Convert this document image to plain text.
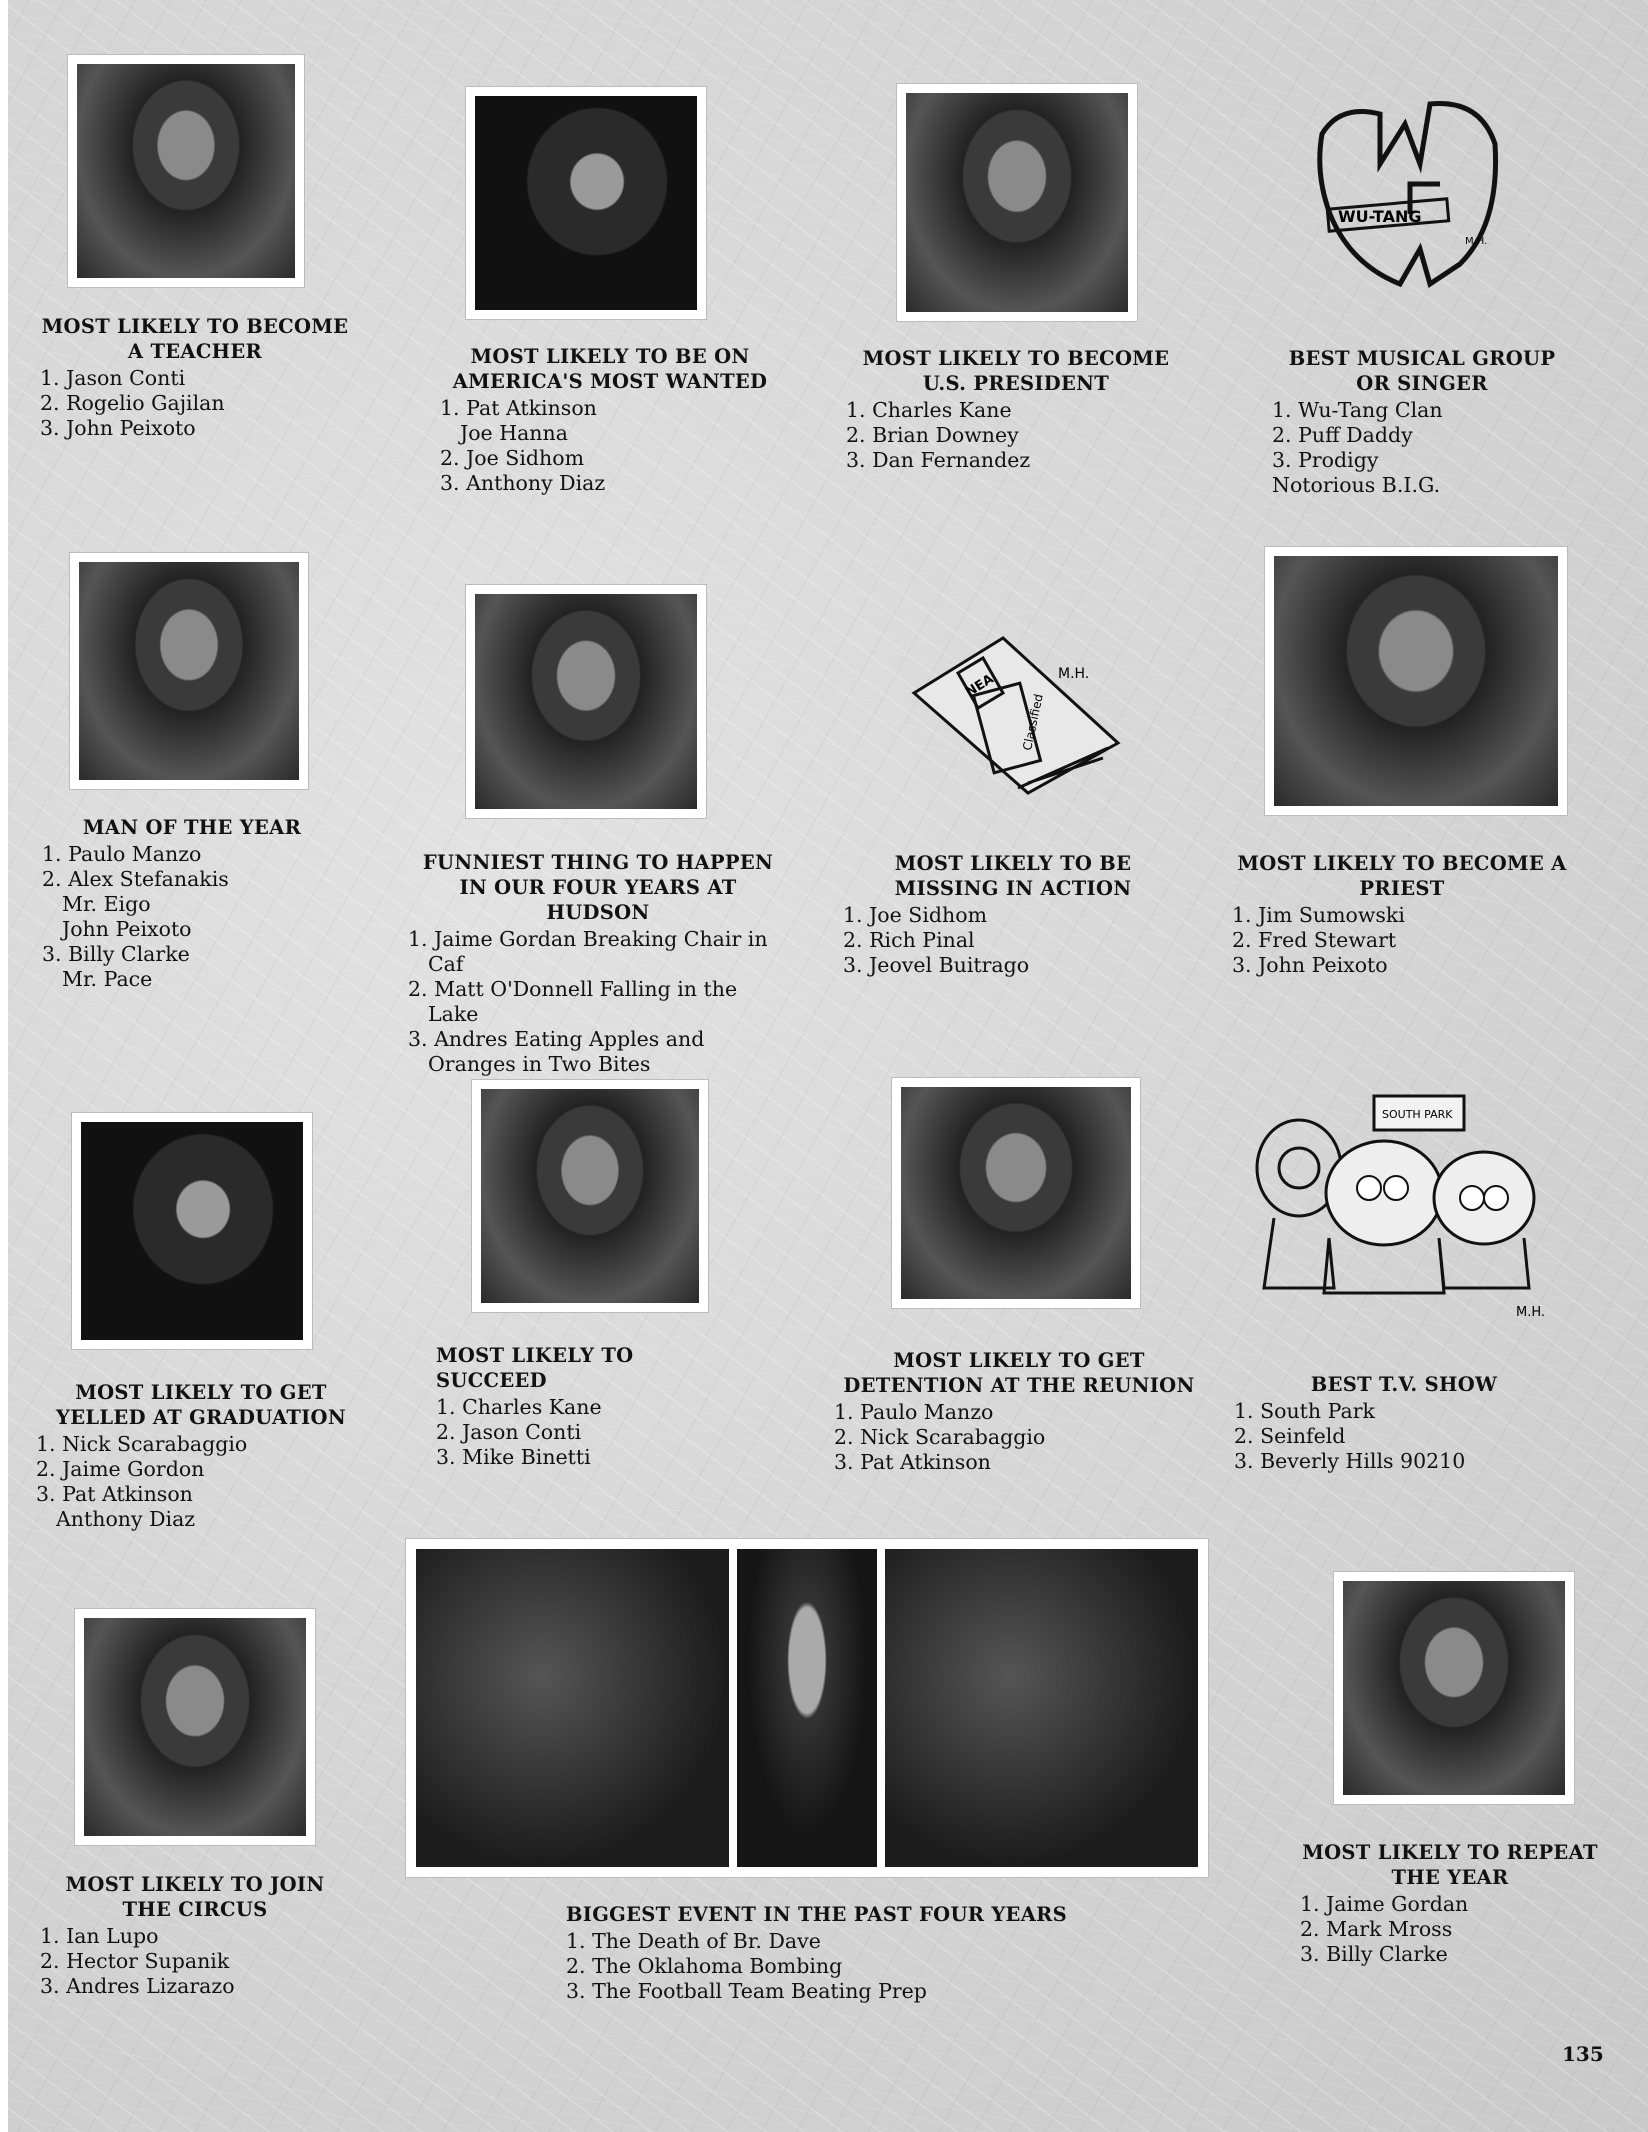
WU-TANG
M.H.
NEA
Classified
M.H.
SOUTH PARK
M.H.
MOST LIKELY TO BECOME A TEACHER
1. Jason Conti
2. Rogelio Gajilan
3. John Peixoto
MOST LIKELY TO BE ON AMERICA'S MOST WANTED
1. Pat Atkinson
Joe Hanna
2. Joe Sidhom
3. Anthony Diaz
MOST LIKELY TO BECOME U.S. PRESIDENT
1. Charles Kane
2. Brian Downey
3. Dan Fernandez
BEST MUSICAL GROUP OR SINGER
1. Wu-Tang Clan
2. Puff Daddy
3. Prodigy
Notorious B.I.G.
MAN OF THE YEAR
1. Paulo Manzo
2. Alex Stefanakis
Mr. Eigo
John Peixoto
3. Billy Clarke
Mr. Pace
FUNNIEST THING TO HAPPEN IN OUR FOUR YEARS AT HUDSON
1. Jaime Gordan Breaking Chair in
Caf
2. Matt O'Donnell Falling in the
Lake
3. Andres Eating Apples and
Oranges in Two Bites
MOST LIKELY TO BE MISSING IN ACTION
1. Joe Sidhom
2. Rich Pinal
3. Jeovel Buitrago
MOST LIKELY TO BECOME A PRIEST
1. Jim Sumowski
2. Fred Stewart
3. John Peixoto
MOST LIKELY TO GET YELLED AT GRADUATION
1. Nick Scarabaggio
2. Jaime Gordon
3. Pat Atkinson
Anthony Diaz
MOST LIKELY TO SUCCEED
1. Charles Kane
2. Jason Conti
3. Mike Binetti
MOST LIKELY TO GET DETENTION AT THE REUNION
1. Paulo Manzo
2. Nick Scarabaggio
3. Pat Atkinson
BEST T.V. SHOW
1. South Park
2. Seinfeld
3. Beverly Hills 90210
MOST LIKELY TO JOIN THE CIRCUS
1. Ian Lupo
2. Hector Supanik
3. Andres Lizarazo
BIGGEST EVENT IN THE PAST FOUR YEARS
1. The Death of Br. Dave
2. The Oklahoma Bombing
3. The Football Team Beating Prep
MOST LIKELY TO REPEAT THE YEAR
1. Jaime Gordan
2. Mark Mross
3. Billy Clarke
135
